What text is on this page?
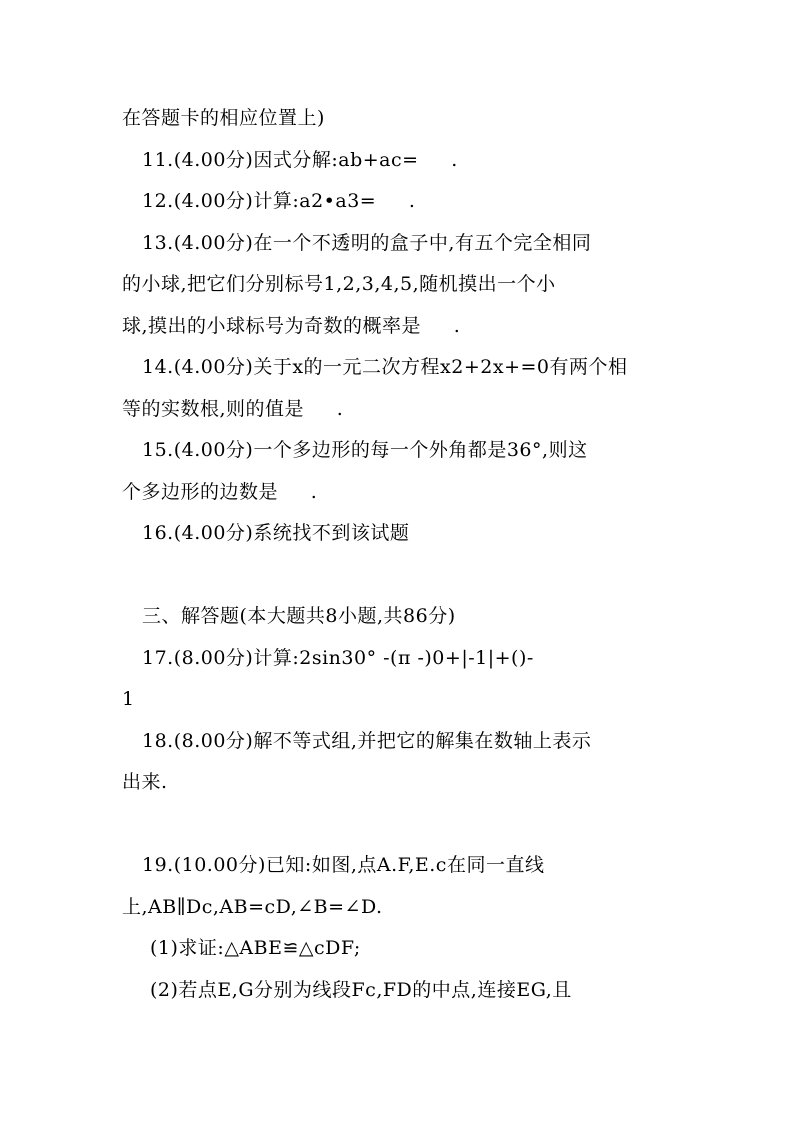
在答题卡的相应位置上)
11.(4.00分)因式分解:ab+ac=     .
12.(4.00分)计算:a2•a3=     .
13.(4.00分)在一个不透明的盒子中,有五个完全相同
的小球,把它们分别标号1,2,3,4,5,随机摸出一个小
球,摸出的小球标号为奇数的概率是     .
14.(4.00分)关于x的一元二次方程x2+2x+=0有两个相
等的实数根,则的值是     .
15.(4.00分)一个多边形的每一个外角都是36°,则这
个多边形的边数是     .
16.(4.00分)系统找不到该试题
三、解答题(本大题共8小题,共86分)
17.(8.00分)计算:2sin30° -(π -)0+|-1|+()-
1
18.(8.00分)解不等式组,并把它的解集在数轴上表示
出来.
19.(10.00分)已知:如图,点A.F,E.c在同一直线
上,AB∥Dc,AB=cD,∠B=∠D.
(1)求证:△ABE≌△cDF;
(2)若点E,G分别为线段Fc,FD的中点,连接EG,且
